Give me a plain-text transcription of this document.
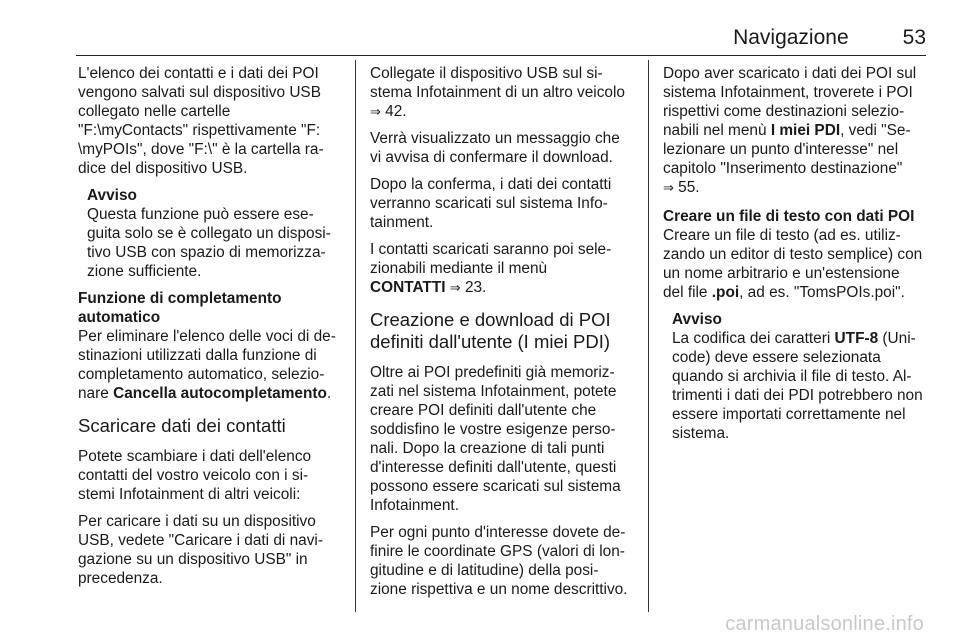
Navigazione	53

L'elenco dei contatti e i dati dei POI
vengono salvati sul dispositivo USB
collegato nelle cartelle
"F:\myContacts" rispettivamente "F:
\myPOIs", dove "F:\" è la cartella ra-
dice del dispositivo USB.

Avviso
Questa funzione può essere ese-
guita solo se è collegato un disposi-
tivo USB con spazio di memorizza-
zione sufficiente.
Funzione di completamento
automatico

Per eliminare l'elenco delle voci di de-
stinazioni utilizzati dalla funzione di
completamento automatico, selezio-
nare Cancella autocompletamento.

Scaricare dati dei contatti

Potete scambiare i dati dell'elenco
contatti del vostro veicolo con i si-
stemi Infotainment di altri veicoli:

Per caricare i dati su un dispositivo
USB, vedete "Caricare i dati di navi-
gazione su un dispositivo USB" in
precedenza.

Collegate il dispositivo USB sul si-
stema Infotainment di un altro veicolo
⇒ 42.

Verrà visualizzato un messaggio che
vi avvisa di confermare il download.

Dopo la conferma, i dati dei contatti
verranno scaricati sul sistema Info-
tainment.

I contatti scaricati saranno poi sele-
zionabili mediante il menù
CONTATTI ⇒ 23.

Creazione e download di POI
definiti dall'utente (I miei PDI)

Oltre ai POI predefiniti già memoriz-
zati nel sistema Infotainment, potete
creare POI definiti dall'utente che
soddisfino le vostre esigenze perso-
nali. Dopo la creazione di tali punti
d'interesse definiti dall'utente, questi
possono essere scaricati sul sistema
Infotainment.

Per ogni punto d'interesse dovete de-
finire le coordinate GPS (valori di lon-
gitudine e di latitudine) della posi-
zione rispettiva e un nome descrittivo.

Dopo aver scaricato i dati dei POI sul
sistema Infotainment, troverete i POI
rispettivi come destinazioni selezio-
nabili nel menù I miei PDI, vedi "Se-
lezionare un punto d'interesse" nel
capitolo "Inserimento destinazione"
⇒ 55.

Creare un file di testo con dati POI

Creare un file di testo (ad es. utiliz-
zando un editor di testo semplice) con
un nome arbitrario e un'estensione
del file .poi, ad es. "TomsPOIs.poi".

Avviso
La codifica dei caratteri UTF-8 (Uni-
code) deve essere selezionata
quando si archivia il file di testo. Al-
trimenti i dati dei PDI potrebbero non
essere importati correttamente nel
sistema.
carmanualsonline.info
